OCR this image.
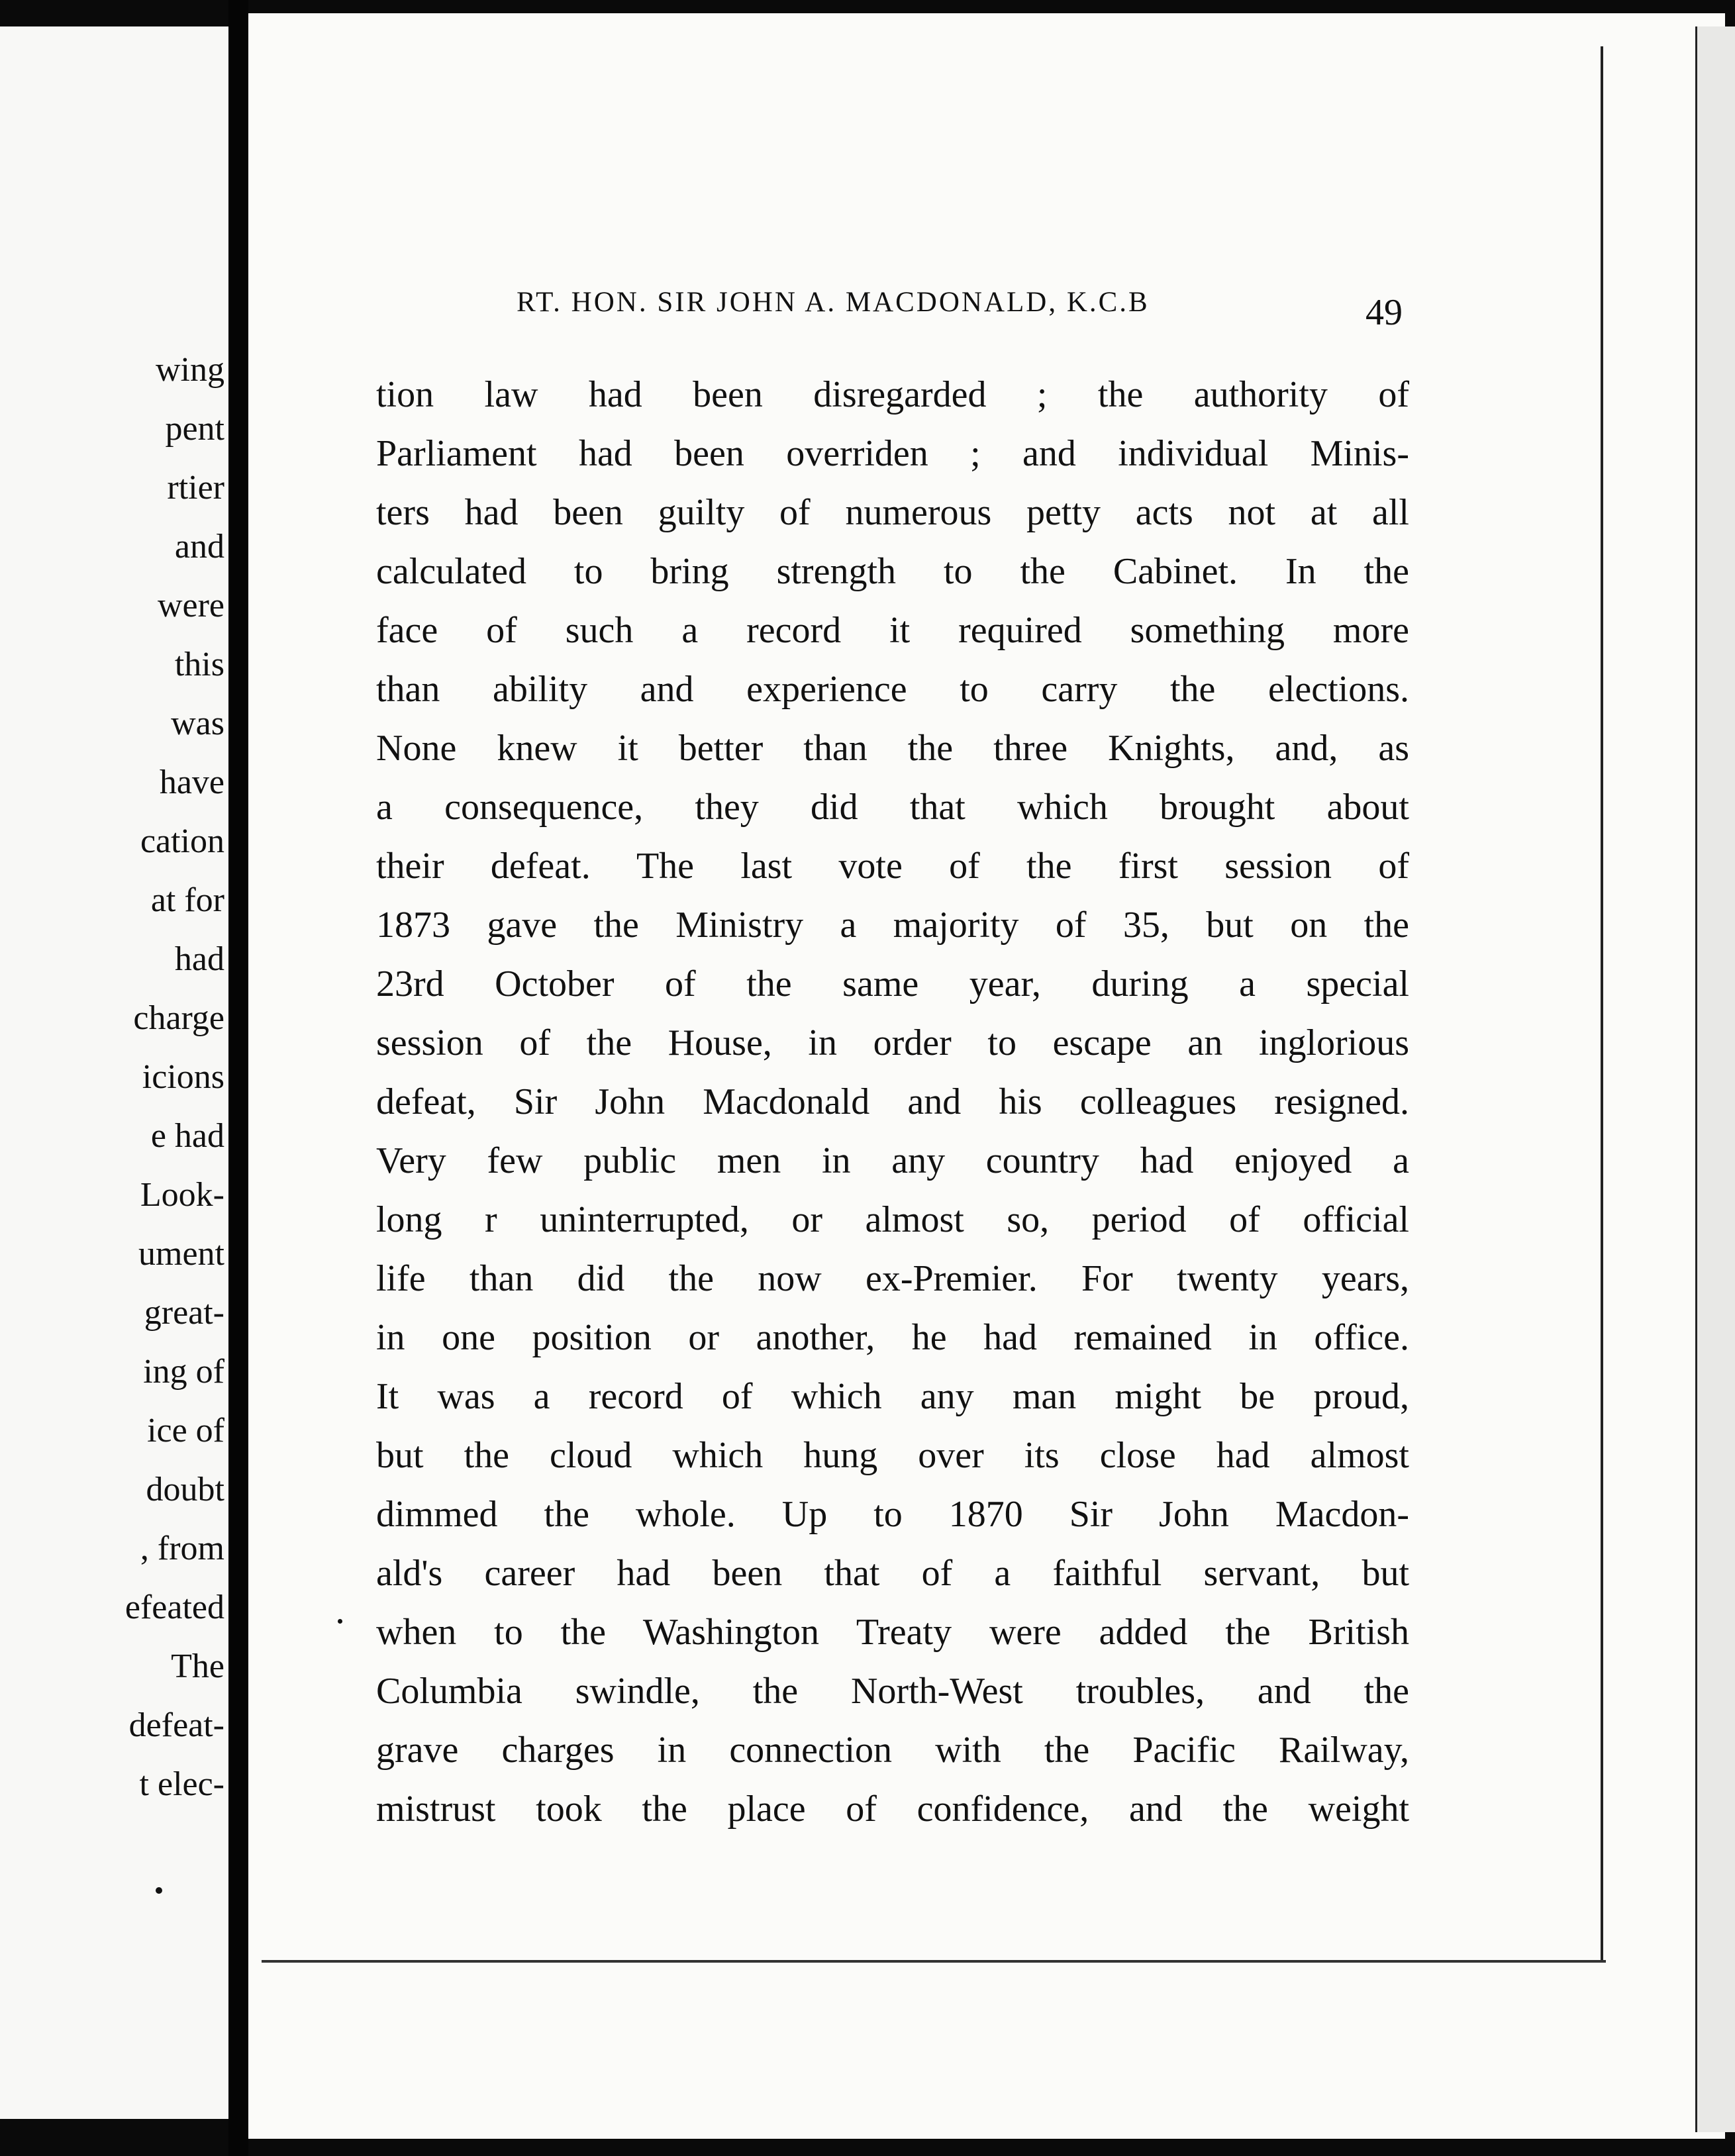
wing
pent
rtier
and
were
this
was
have
cation
at for
had
charge
icions
e had
Look-
ument
great-
ing of
ice of
doubt
, from
efeated
The
defeat-
t elec-
RT. HON. SIR JOHN A. MACDONALD, K.C.B	49
tion law had been disregarded ; the authority of
Parliament had been overriden ; and individual Minis-
ters had been guilty of numerous petty acts not at all
calculated to bring strength to the Cabinet. In the
face of such a record it required something more
than ability and experience to carry the elections.
None knew it better than the three Knights, and, as
a consequence, they did that which brought about
their defeat. The last vote of the first session of
1873 gave the Ministry a majority of 35, but on the
23rd October of the same year, during a special
session of the House, in order to escape an inglorious
defeat, Sir John Macdonald and his colleagues resigned.
Very few public men in any country had enjoyed a
long r uninterrupted, or almost so, period of official
life than did the now ex-Premier. For twenty years,
in one position or another, he had remained in office.
It was a record of which any man might be proud,
but the cloud which hung over its close had almost
dimmed the whole. Up to 1870 Sir John Macdon-
ald's career had been that of a faithful servant, but
when to the Washington Treaty were added the British
Columbia swindle, the North-West troubles, and the
grave charges in connection with the Pacific Railway,
mistrust took the place of confidence, and the weight
